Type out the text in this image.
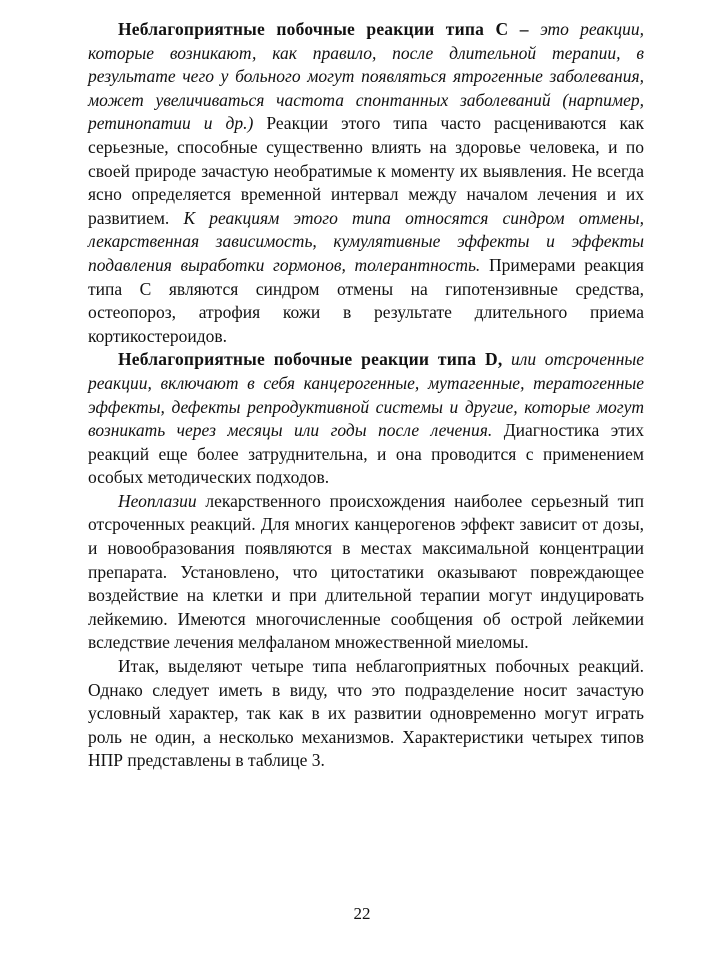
Неблагоприятные побочные реакции типа С – это реакции, которые возникают, как правило, после длительной терапии, в результате чего у больного могут появляться ятрогенные заболевания, может увеличиваться частота спонтанных заболеваний (нарпимер, ретинопатии и др.) Реакции этого типа часто расцениваются как серьезные, способные существенно влиять на здоровье человека, и по своей природе зачастую необратимые к моменту их выявления. Не всегда ясно определяется временной интервал между началом лечения и их развитием. К реакциям этого типа относятся синдром отмены, лекарственная зависимость, кумулятивные эффекты и эффекты подавления выработки гормонов, толерантность. Примерами реакция типа С являются синдром отмены на гипотензивные средства, остеопороз, атрофия кожи в результате длительного приема кортикостероидов.

Неблагоприятные побочные реакции типа D, или отсроченные реакции, включают в себя канцерогенные, мутагенные, тератогенные эффекты, дефекты репродуктивной системы и другие, которые могут возникать через месяцы или годы после лечения. Диагностика этих реакций еще более затруднительна, и она проводится с применением особых методических подходов.

Неоплазии лекарственного происхождения наиболее серьезный тип отсроченных реакций. Для многих канцерогенов эффект зависит от дозы, и новообразования появляются в местах максимальной концентрации препарата. Установлено, что цитостатики оказывают повреждающее воздействие на клетки и при длительной терапии могут индуцировать лейкемию. Имеются многочисленные сообщения об острой лейкемии вследствие лечения мелфаланом множественной миеломы.

Итак, выделяют четыре типа неблагоприятных побочных реакций. Однако следует иметь в виду, что это подразделение носит зачастую условный характер, так как в их развитии одновременно могут играть роль не один, а несколько механизмов. Характеристики четырех типов НПР представлены в таблице 3.

22
